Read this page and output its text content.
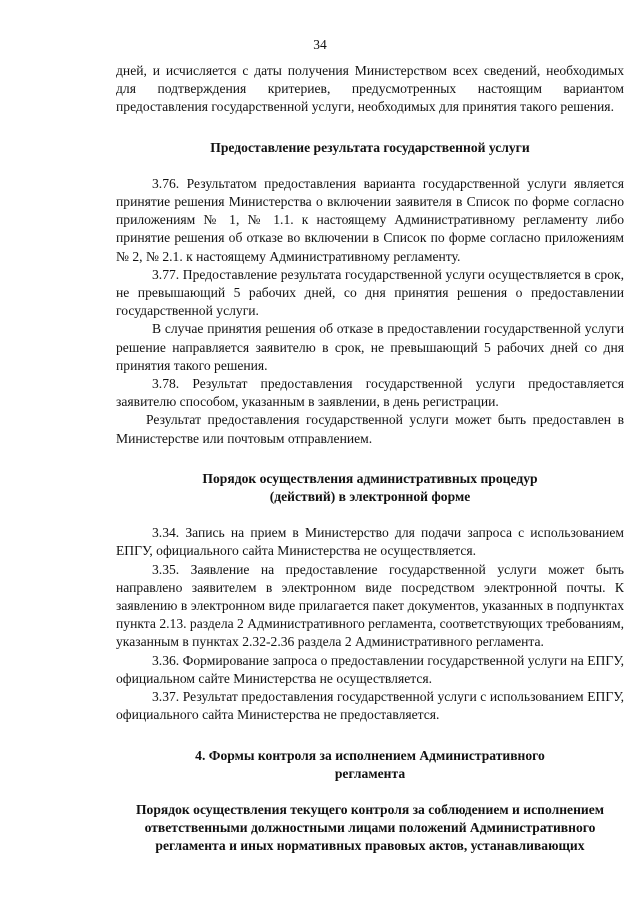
34

дней, и исчисляется с даты получения Министерством всех сведений, необходимых для подтверждения критериев, предусмотренных настоящим вариантом предоставления государственной услуги, необходимых для принятия такого решения.

Предоставление результата государственной услуги

3.76. Результатом предоставления варианта государственной услуги является принятие решения Министерства о включении заявителя в Список по форме согласно приложениям № 1, № 1.1. к настоящему Административному регламенту либо принятие решения об отказе во включении в Список по форме согласно приложениям № 2, № 2.1. к настоящему Административному регламенту.

3.77. Предоставление результата государственной услуги осуществляется в срок, не превышающий 5 рабочих дней, со дня принятия решения о предоставлении государственной услуги.

В случае принятия решения об отказе в предоставлении государственной услуги решение направляется заявителю в срок, не превышающий 5 рабочих дней со дня принятия такого решения.

3.78. Результат предоставления государственной услуги предоставляется заявителю способом, указанным в заявлении, в день регистрации.

Результат предоставления государственной услуги может быть предоставлен в Министерстве или почтовым отправлением.

Порядок осуществления административных процедур
(действий) в электронной форме

3.34. Запись на прием в Министерство для подачи запроса с использованием ЕПГУ, официального сайта Министерства не осуществляется.

3.35. Заявление на предоставление государственной услуги может быть направлено заявителем в электронном виде посредством электронной почты. К заявлению в электронном виде прилагается пакет документов, указанных в подпунктах пункта 2.13. раздела 2 Административного регламента, соответствующих требованиям, указанным в пунктах 2.32-2.36 раздела 2 Административного регламента.

3.36. Формирование запроса о предоставлении государственной услуги на ЕПГУ, официальном сайте Министерства не осуществляется.

3.37. Результат предоставления государственной услуги с использованием ЕПГУ, официального сайта Министерства не предоставляется.

4. Формы контроля за исполнением Административного
регламента

Порядок осуществления текущего контроля за соблюдением и исполнением ответственными должностными лицами положений Административного регламента и иных нормативных правовых актов, устанавливающих
